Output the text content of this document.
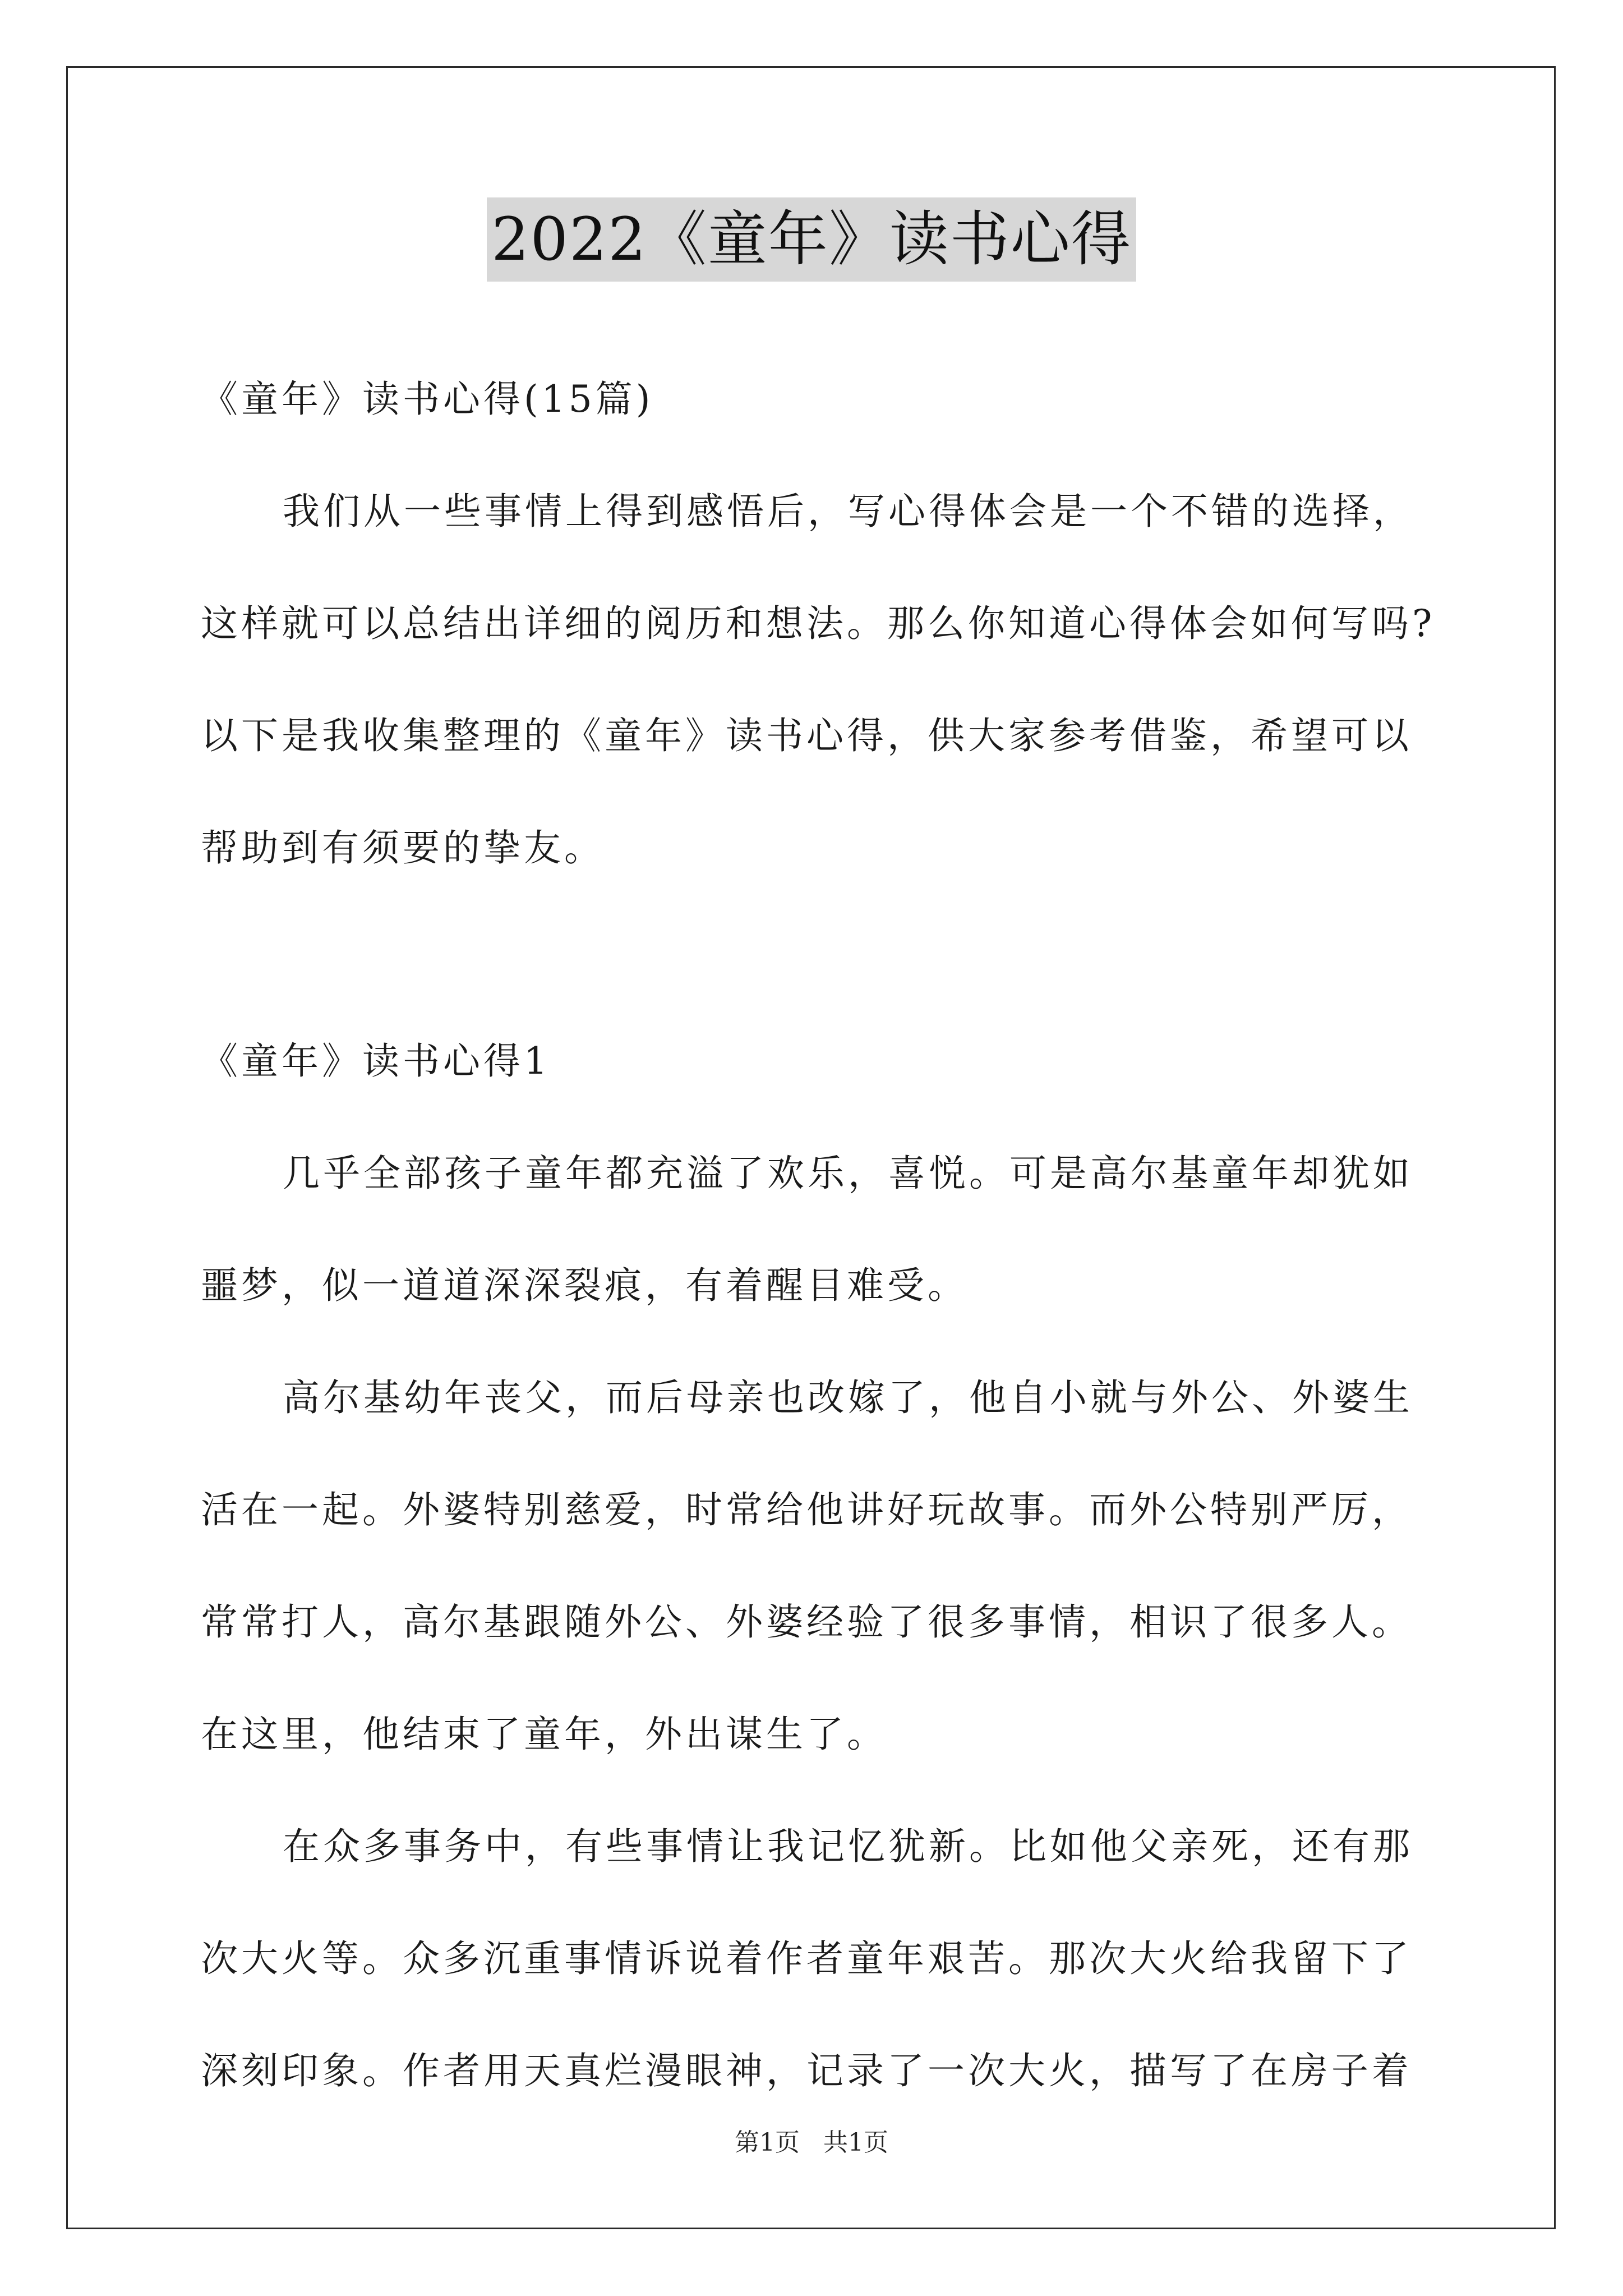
2022《童年》读书心得
《童年》读书心得(15篇)
我们从一些事情上得到感悟后，写心得体会是一个不错的选择，
这样就可以总结出详细的阅历和想法。那么你知道心得体会如何写吗?
以下是我收集整理的《童年》读书心得，供大家参考借鉴，希望可以
帮助到有须要的挚友。
《童年》读书心得1
几乎全部孩子童年都充溢了欢乐，喜悦。可是高尔基童年却犹如
噩梦，似一道道深深裂痕，有着醒目难受。
高尔基幼年丧父，而后母亲也改嫁了，他自小就与外公、外婆生
活在一起。外婆特别慈爱，时常给他讲好玩故事。而外公特别严厉，
常常打人，高尔基跟随外公、外婆经验了很多事情，相识了很多人。
在这里，他结束了童年，外出谋生了。
在众多事务中，有些事情让我记忆犹新。比如他父亲死，还有那
次大火等。众多沉重事情诉说着作者童年艰苦。那次大火给我留下了
深刻印象。作者用天真烂漫眼神，记录了一次大火，描写了在房子着
第1页 共1页
